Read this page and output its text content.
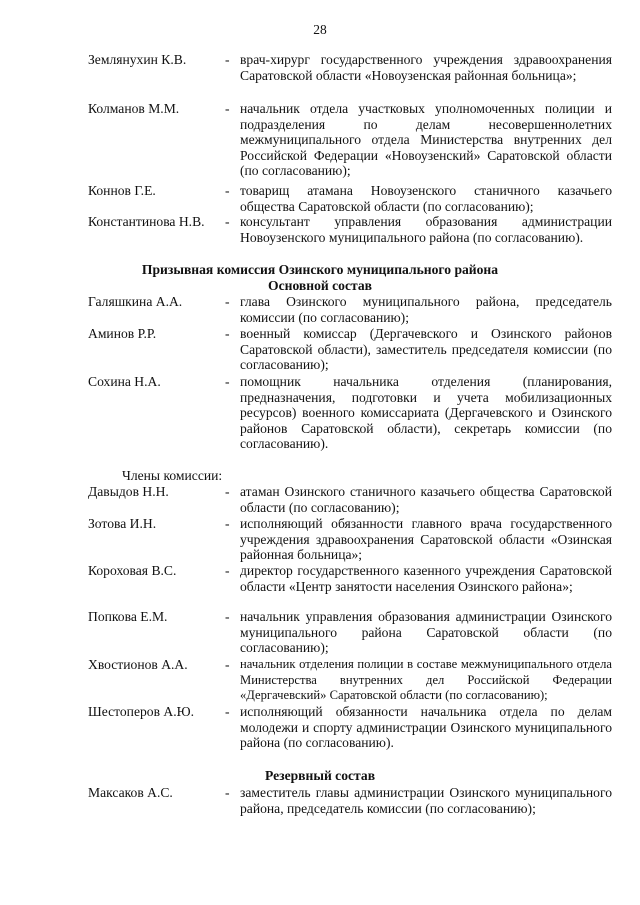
28
Землянухин К.В.	- врач-хирург государственного учреждения здравоохранения Саратовской области «Новоузенская районная больница»;
Колманов М.М.	- начальник отдела участковых уполномоченных полиции и подразделения по делам несовершеннолетних межмуниципального отдела Министерства внутренних дел Российской Федерации «Новоузенский» Саратовской области (по согласованию);
Коннов Г.Е.	- товарищ атамана Новоузенского станичного казачьего общества Саратовской области (по согласованию);
Константинова Н.В. - консультант управления образования администрации Новоузенского муниципального района (по согласованию).
Призывная комиссия Озинского муниципального района
Основной состав
Галяшкина А.А.	- глава Озинского муниципального района, председатель комиссии (по согласованию);
Аминов Р.Р.	- военный комиссар (Дергачевского и Озинского районов Саратовской области), заместитель председателя комиссии (по согласованию);
Сохина Н.А.	- помощник начальника отделения (планирования, предназначения, подготовки и учета мобилизационных ресурсов) военного комиссариата (Дергачевского и Озинского районов Саратовской области), секретарь комиссии (по согласованию).
Члены комиссии:
Давыдов Н.Н.	- атаман Озинского станичного казачьего общества Саратовской области (по согласованию);
Зотова И.Н.	- исполняющий обязанности главного врача государственного учреждения здравоохранения Саратовской области «Озинская районная больница»;
Короховая В.С.	- директор государственного казенного учреждения Саратовской области «Центр занятости населения Озинского района»;
Попкова Е.М.	- начальник управления образования администрации Озинского муниципального района Саратовской области (по согласованию);
Хвостионов А.А.	- начальник отделения полиции в составе межмуниципального отдела Министерства внутренних дел Российской Федерации «Дергачевский» Саратовской области (по согласованию);
Шестоперов А.Ю. - исполняющий обязанности начальника отдела по делам молодежи и спорту администрации Озинского муниципального района (по согласованию).
Резервный состав
Максаков А.С.	- заместитель главы администрации Озинского муниципального района, председатель комиссии (по согласованию);
